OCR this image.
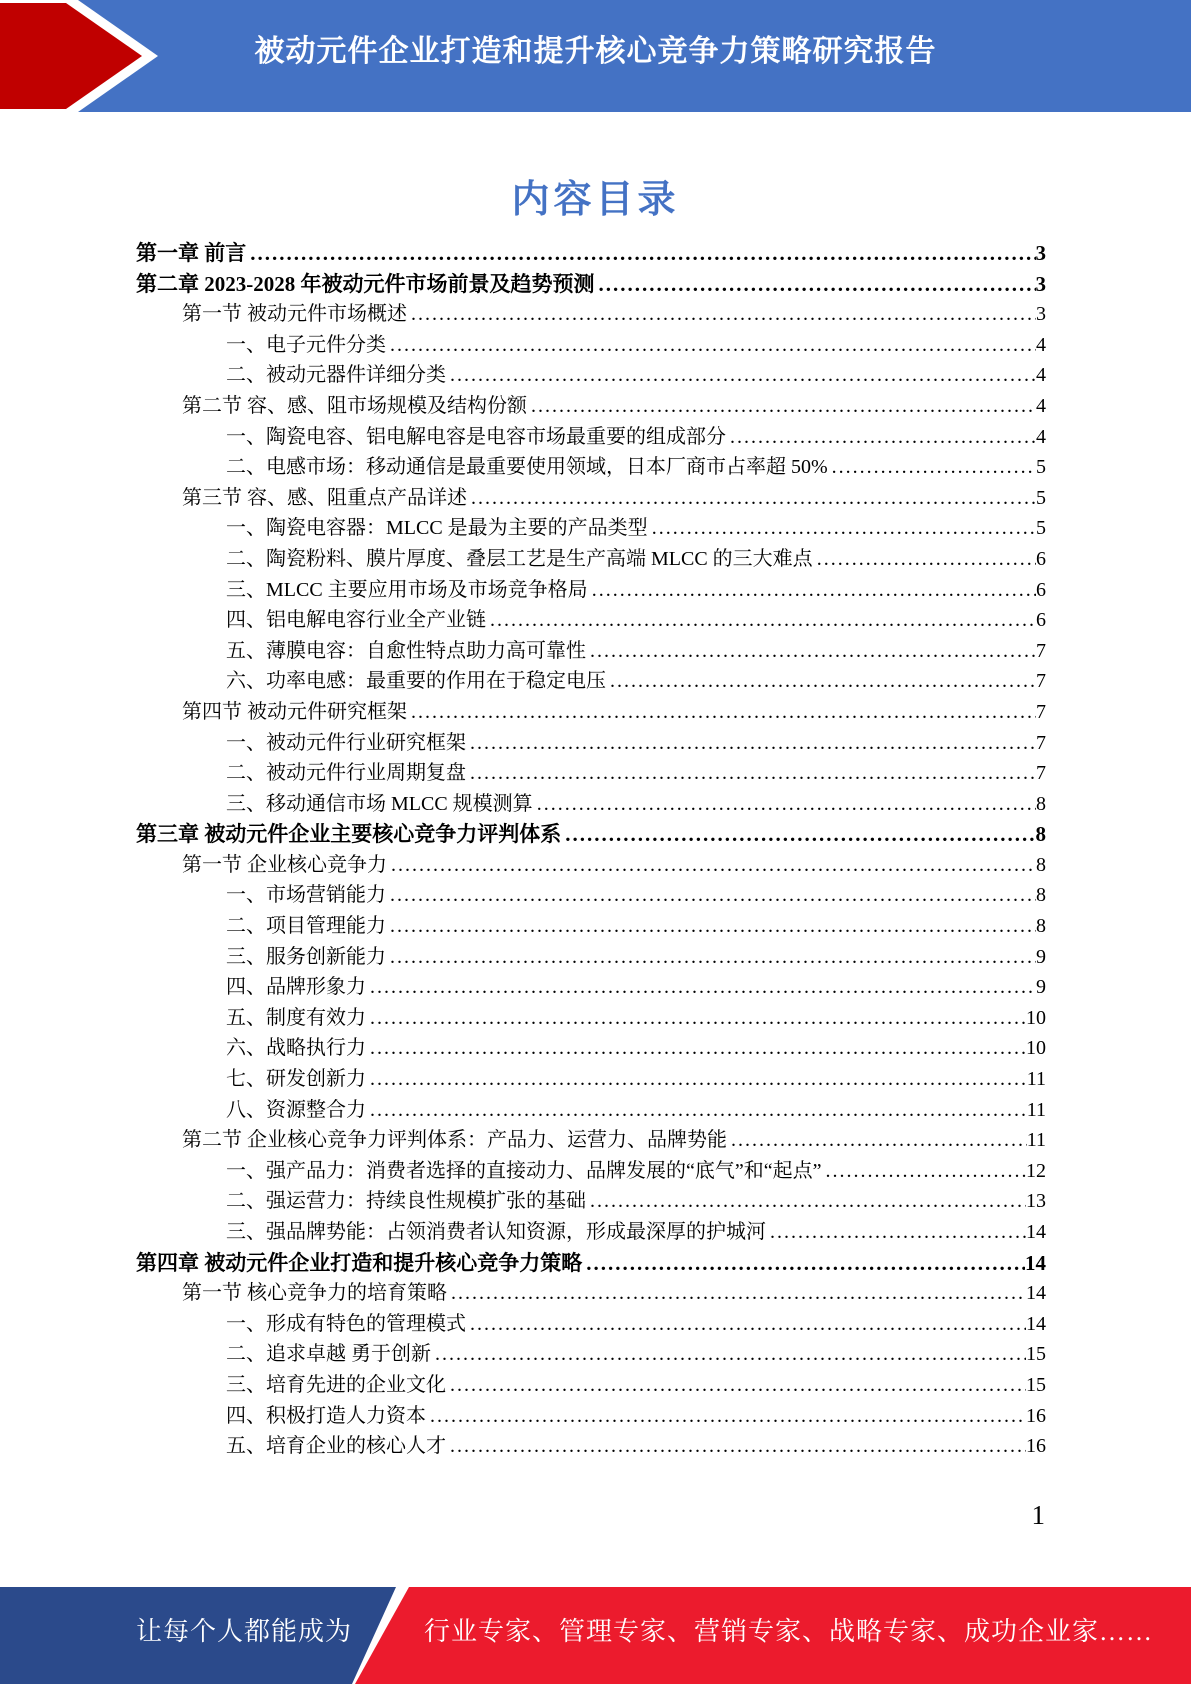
被动元件企业打造和提升核心竞争力策略研究报告
内容目录
第一章 前言 .....	3
第二章 2023-2028 年被动元件市场前景及趋势预测 .....	3
第一节 被动元件市场概述 .....	3
一、电子元件分类 .....	4
二、被动元器件详细分类 .....	4
第二节 容、感、阻市场规模及结构份额 .....	4
一、陶瓷电容、铝电解电容是电容市场最重要的组成部分 .....	4
二、电感市场：移动通信是最重要使用领域，日本厂商市占率超 50% .....	5
第三节 容、感、阻重点产品详述 .....	5
一、陶瓷电容器：MLCC 是最为主要的产品类型 .....	5
二、陶瓷粉料、膜片厚度、叠层工艺是生产高端 MLCC 的三大难点 .....	6
三、MLCC 主要应用市场及市场竞争格局 .....	6
四、铝电解电容行业全产业链 .....	6
五、薄膜电容：自愈性特点助力高可靠性 .....	7
六、功率电感：最重要的作用在于稳定电压 .....	7
第四节 被动元件研究框架 .....	7
一、被动元件行业研究框架 .....	7
二、被动元件行业周期复盘 .....	7
三、移动通信市场 MLCC 规模测算 .....	8
第三章 被动元件企业主要核心竞争力评判体系 .....	8
第一节 企业核心竞争力 .....	8
一、市场营销能力 .....	8
二、项目管理能力 .....	8
三、服务创新能力 .....	9
四、品牌形象力 .....	9
五、制度有效力 .....	10
六、战略执行力 .....	10
七、研发创新力 .....	11
八、资源整合力 .....	11
第二节 企业核心竞争力评判体系：产品力、运营力、品牌势能 .....	11
一、强产品力：消费者选择的直接动力、品牌发展的“底气”和“起点” .....	12
二、强运营力：持续良性规模扩张的基础 .....	13
三、强品牌势能：占领消费者认知资源，形成最深厚的护城河 .....	14
第四章 被动元件企业打造和提升核心竞争力策略 .....	14
第一节 核心竞争力的培育策略 .....	14
一、形成有特色的管理模式 .....	14
二、追求卓越 勇于创新 .....	15
三、培育先进的企业文化 .....	15
四、积极打造人力资本 .....	16
五、培育企业的核心人才 .....	16
1
让每个人都能成为	行业专家、管理专家、营销专家、战略专家、成功企业家……
